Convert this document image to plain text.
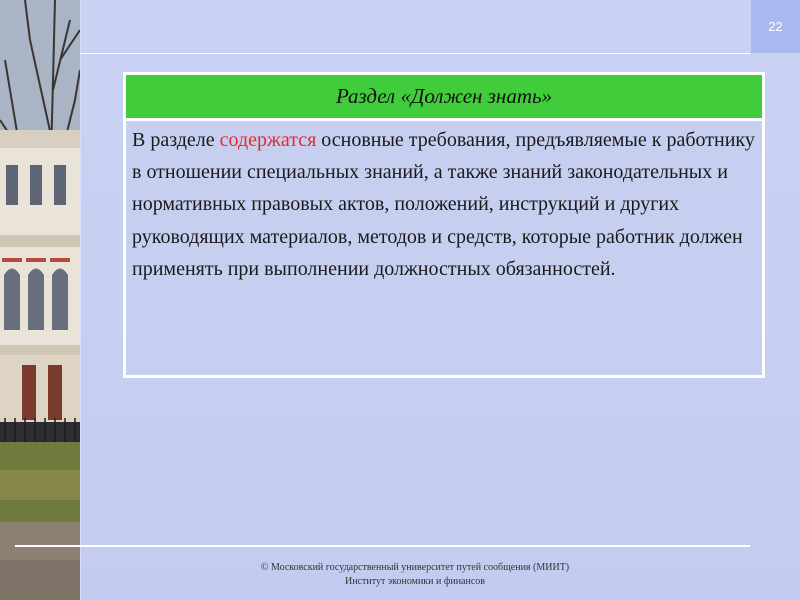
22
Раздел «Должен знать»
В разделе содержатся основные требования, предъявляемые к работнику в отношении специальных знаний, а также знаний законодательных и нормативных правовых актов, положений, инструкций и других руководящих материалов, методов и средств, которые работник должен применять при выполнении должностных обязанностей.
© Московский государственный университет путей сообщения (МИИТ)
Институт экономики и финансов
